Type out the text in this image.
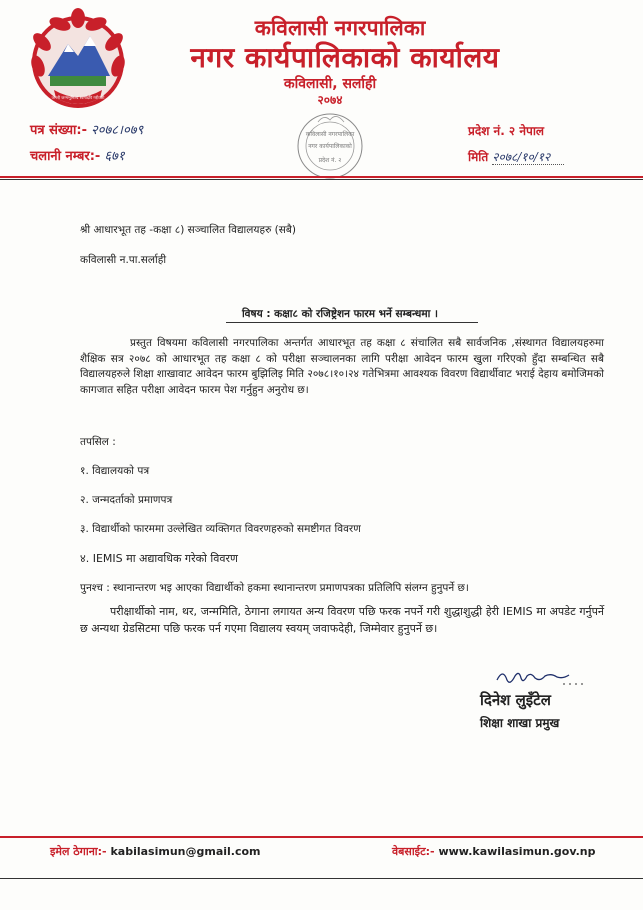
जननी जन्मभूमिश्च स्वर्गादपि गरीयसी
कविलासी नगरपालिका
नगर कार्यपालिकाको कार्यालय
कविलासी, सर्लाही
२०७४
कविलासी नगरपालिका
नगर कार्यपालिकाको
प्रदेश नं. २
पत्र संख्या:- २०७८।०७९
चलानी नम्बर:- ६७१
प्रदेश नं. २ नेपाल
मिति २०७८/१०/१२
श्री आधारभूत तह -कक्षा ८) सञ्चालित विद्यालयहरु (सबै)
कविलासी न.पा.सर्लाही
विषय : कक्षा८ को रजिष्ट्रेशन फारम भर्ने सम्बन्धमा ।
प्रस्तुत विषयमा कविलासी नगरपालिका अन्तर्गत आधारभूत तह कक्षा ८ संचालित सबै सार्वजनिक ,संस्थागत विद्यालयहरुमा शैक्षिक सत्र २०७८ को आधारभूत तह कक्षा ८ को परीक्षा सञ्चालनका लागि परीक्षा आवेदन फारम खुला गरिएको हुँदा सम्बन्धित सबै विद्यालयहरुले शिक्षा शाखावाट आवेदन फारम बुझिलिइ मिति २०७८।१०।२४ गतेभित्रमा आवश्यक विवरण विद्यार्थीवाट भराई देहाय बमोजिमको कागजात सहित परीक्षा आवेदन फारम पेश गर्नुहुन अनुरोध छ।
तपसिल :
१. विद्यालयको पत्र
२. जन्मदर्ताको प्रमाणपत्र
३. विद्यार्थीको फारममा उल्लेखित व्यक्तिगत विवरणहरुको समष्टीगत विवरण
४. IEMIS मा अद्यावधिक गरेको विवरण
पुनश्च : स्थानान्तरण भइ आएका विद्यार्थीको हकमा स्थानान्तरण प्रमाणपत्रका प्रतिलिपि संलग्न हुनुपर्ने छ।
परीक्षार्थीको नाम, थर, जन्ममिति, ठेगाना लगायत अन्य विवरण पछि फरक नपर्ने गरी शुद्धाशुद्धी हेरी IEMIS मा अपडेट गर्नुपर्ने छ अन्यथा ग्रेडसिटमा पछि फरक पर्न गएमा विद्यालय स्वयम् जवाफदेही, जिम्मेवार हुनुपर्ने छ।
दिनेश लुइँटेल
शिक्षा शाखा प्रमुख
इमेल ठेगाना:- kabilasimun@gmail.com	वेबसाईट:- www.kawilasimun.gov.np
